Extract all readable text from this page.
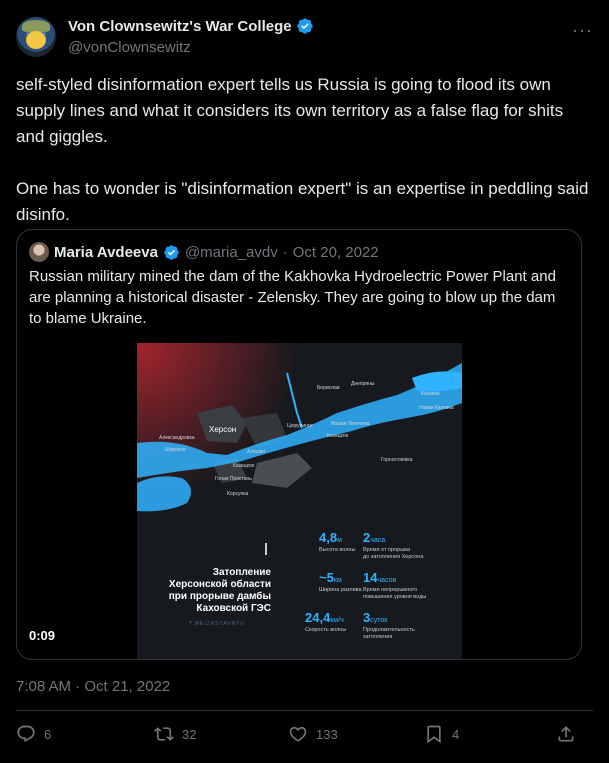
Von Clownsewitz's War College
@vonClownsewitz
···
self-styled disinformation expert tells us Russia is going to flood its own supply lines and what it considers its own territory as a false flag for shits and giggles.

One has to wonder is "disinformation expert" is an expertise in peddling said disinfo.
Maria Avdeeva @maria_avdv · Oct 20, 2022
Russian military mined the dam of the Kakhovka Hydroelectric Power Plant and are planning a historical disaster - Zelensky. They are going to blow up the dam to blame Ukraine.
Херсон
Александровка
Широкое	Алешки
Казацкое
Голая Пристань
Корсунка
Цюрупинск
Берислав
Каховка
Новая Каховка
Днепряны
Малая Лепетиха
Козацкое
Горностаевка
Затопление
Херсонской области
при прорыве дамбы
Каховской ГЭС
T.ME/ZASTAVNYII
4,8м
Высота волны
2часа
Время от прорыва
до затопления Херсона
~5км
Ширина разлива
14часов
Время непрерывного
повышения уровня воды
24,4км/ч
Скорость волны
3суток
Продолжительность
затопления
0:09
7:08 AM · Oct 21, 2022
6	32	133	4
